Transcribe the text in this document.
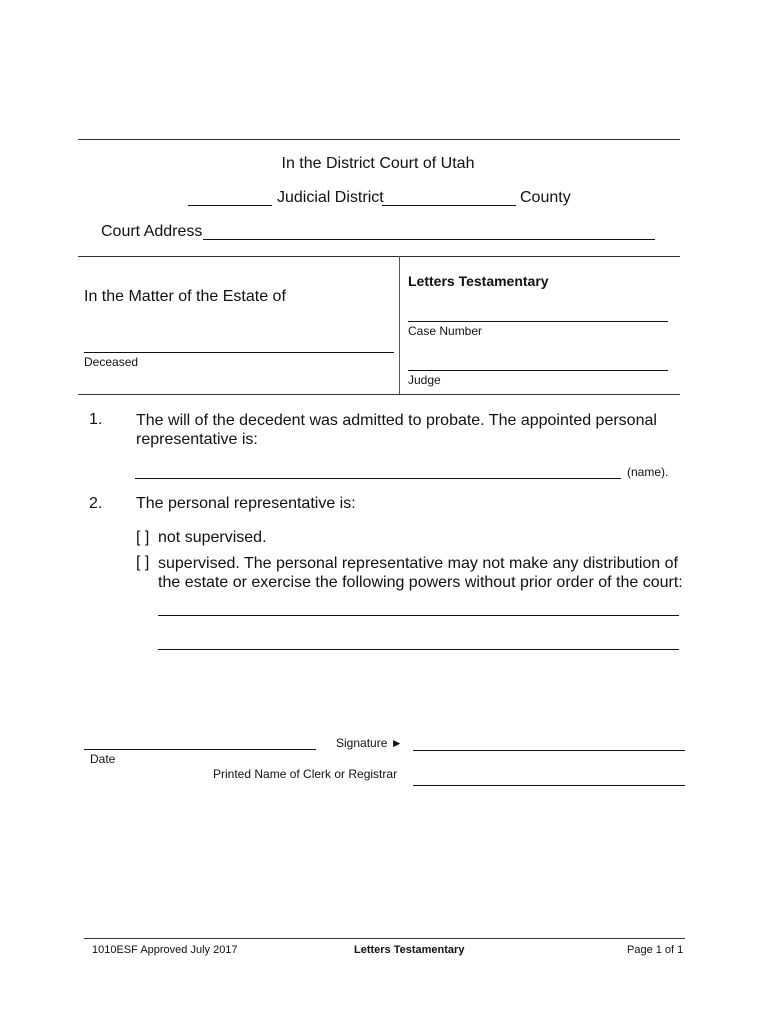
In the District Court of Utah
Judicial District	County
Court Address
In the Matter of the Estate of
Deceased
Letters Testamentary
Case Number
Judge
1. The will of the decedent was admitted to probate. The appointed personal representative is:
(name).
2. The personal representative is:
[ ] not supervised.
[ ] supervised. The personal representative may not make any distribution of the estate or exercise the following powers without prior order of the court:
Date
Signature ►
Printed Name of Clerk or Registrar
1010ESF Approved July 2017	Letters Testamentary	Page 1 of 1
